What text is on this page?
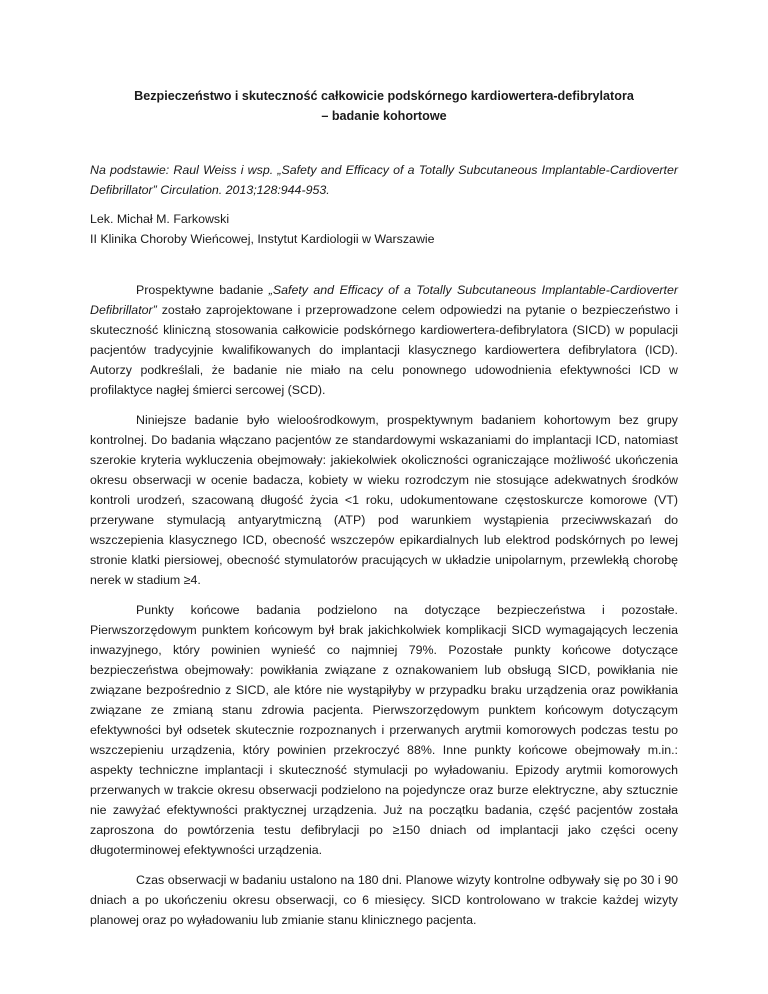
Bezpieczeństwo i skuteczność całkowicie podskórnego kardiowertera-defibrylatora
– badanie kohortowe
Na podstawie: Raul Weiss i wsp. „Safety and Efficacy of a Totally Subcutaneous Implantable-Cardioverter Defibrillator” Circulation. 2013;128:944-953.
Lek. Michał M. Farkowski
II Klinika Choroby Wieńcowej, Instytut Kardiologii w Warszawie

Prospektywne badanie „Safety and Efficacy of a Totally Subcutaneous Implantable-Cardioverter Defibrillator” zostało zaprojektowane i przeprowadzone celem odpowiedzi na pytanie o bezpieczeństwo i skuteczność kliniczną stosowania całkowicie podskórnego kardiowertera-defibrylatora (SICD) w populacji pacjentów tradycyjnie kwalifikowanych do implantacji klasycznego kardiowertera defibrylatora (ICD). Autorzy podkreślali, że badanie nie miało na celu ponownego udowodnienia efektywności ICD w profilaktyce nagłej śmierci sercowej (SCD).

Niniejsze badanie było wieloośrodkowym, prospektywnym badaniem kohortowym bez grupy kontrolnej. Do badania włączano pacjentów ze standardowymi wskazaniami do implantacji ICD, natomiast szerokie kryteria wykluczenia obejmowały: jakiekolwiek okoliczności ograniczające możliwość ukończenia okresu obserwacji w ocenie badacza, kobiety w wieku rozrodczym nie stosujące adekwatnych środków kontroli urodzeń, szacowaną długość życia <1 roku, udokumentowane częstoskurcze komorowe (VT) przerywane stymulacją antyarytmiczną (ATP) pod warunkiem wystąpienia przeciwwskazań do wszczepienia klasycznego ICD, obecność wszczepów epikardialnych lub elektrod podskórnych po lewej stronie klatki piersiowej, obecność stymulatorów pracujących w układzie unipolarnym, przewlekłą chorobę nerek w stadium ≥4.

Punkty końcowe badania podzielono na dotyczące bezpieczeństwa i pozostałe. Pierwszorzędowym punktem końcowym był brak jakichkolwiek komplikacji SICD wymagających leczenia inwazyjnego, który powinien wynieść co najmniej 79%. Pozostałe punkty końcowe dotyczące bezpieczeństwa obejmowały: powikłania związane z oznakowaniem lub obsługą SICD, powikłania nie związane bezpośrednio z SICD, ale które nie wystąpiłyby w przypadku braku urządzenia oraz powikłania związane ze zmianą stanu zdrowia pacjenta. Pierwszorzędowym punktem końcowym dotyczącym efektywności był odsetek skutecznie rozpoznanych i przerwanych arytmii komorowych podczas testu po wszczepieniu urządzenia, który powinien przekroczyć 88%. Inne punkty końcowe obejmowały m.in.: aspekty techniczne implantacji i skuteczność stymulacji po wyładowaniu. Epizody arytmii komorowych przerwanych w trakcie okresu obserwacji podzielono na pojedyncze oraz burze elektryczne, aby sztucznie nie zawyżać efektywności praktycznej urządzenia. Już na początku badania, część pacjentów została zaproszona do powtórzenia testu defibrylacji po ≥150 dniach od implantacji jako części oceny długoterminowej efektywności urządzenia.

Czas obserwacji w badaniu ustalono na 180 dni. Planowe wizyty kontrolne odbywały się po 30 i 90 dniach a po ukończeniu okresu obserwacji, co 6 miesięcy. SICD kontrolowano w trakcie każdej wizyty planowej oraz po wyładowaniu lub zmianie stanu klinicznego pacjenta.
